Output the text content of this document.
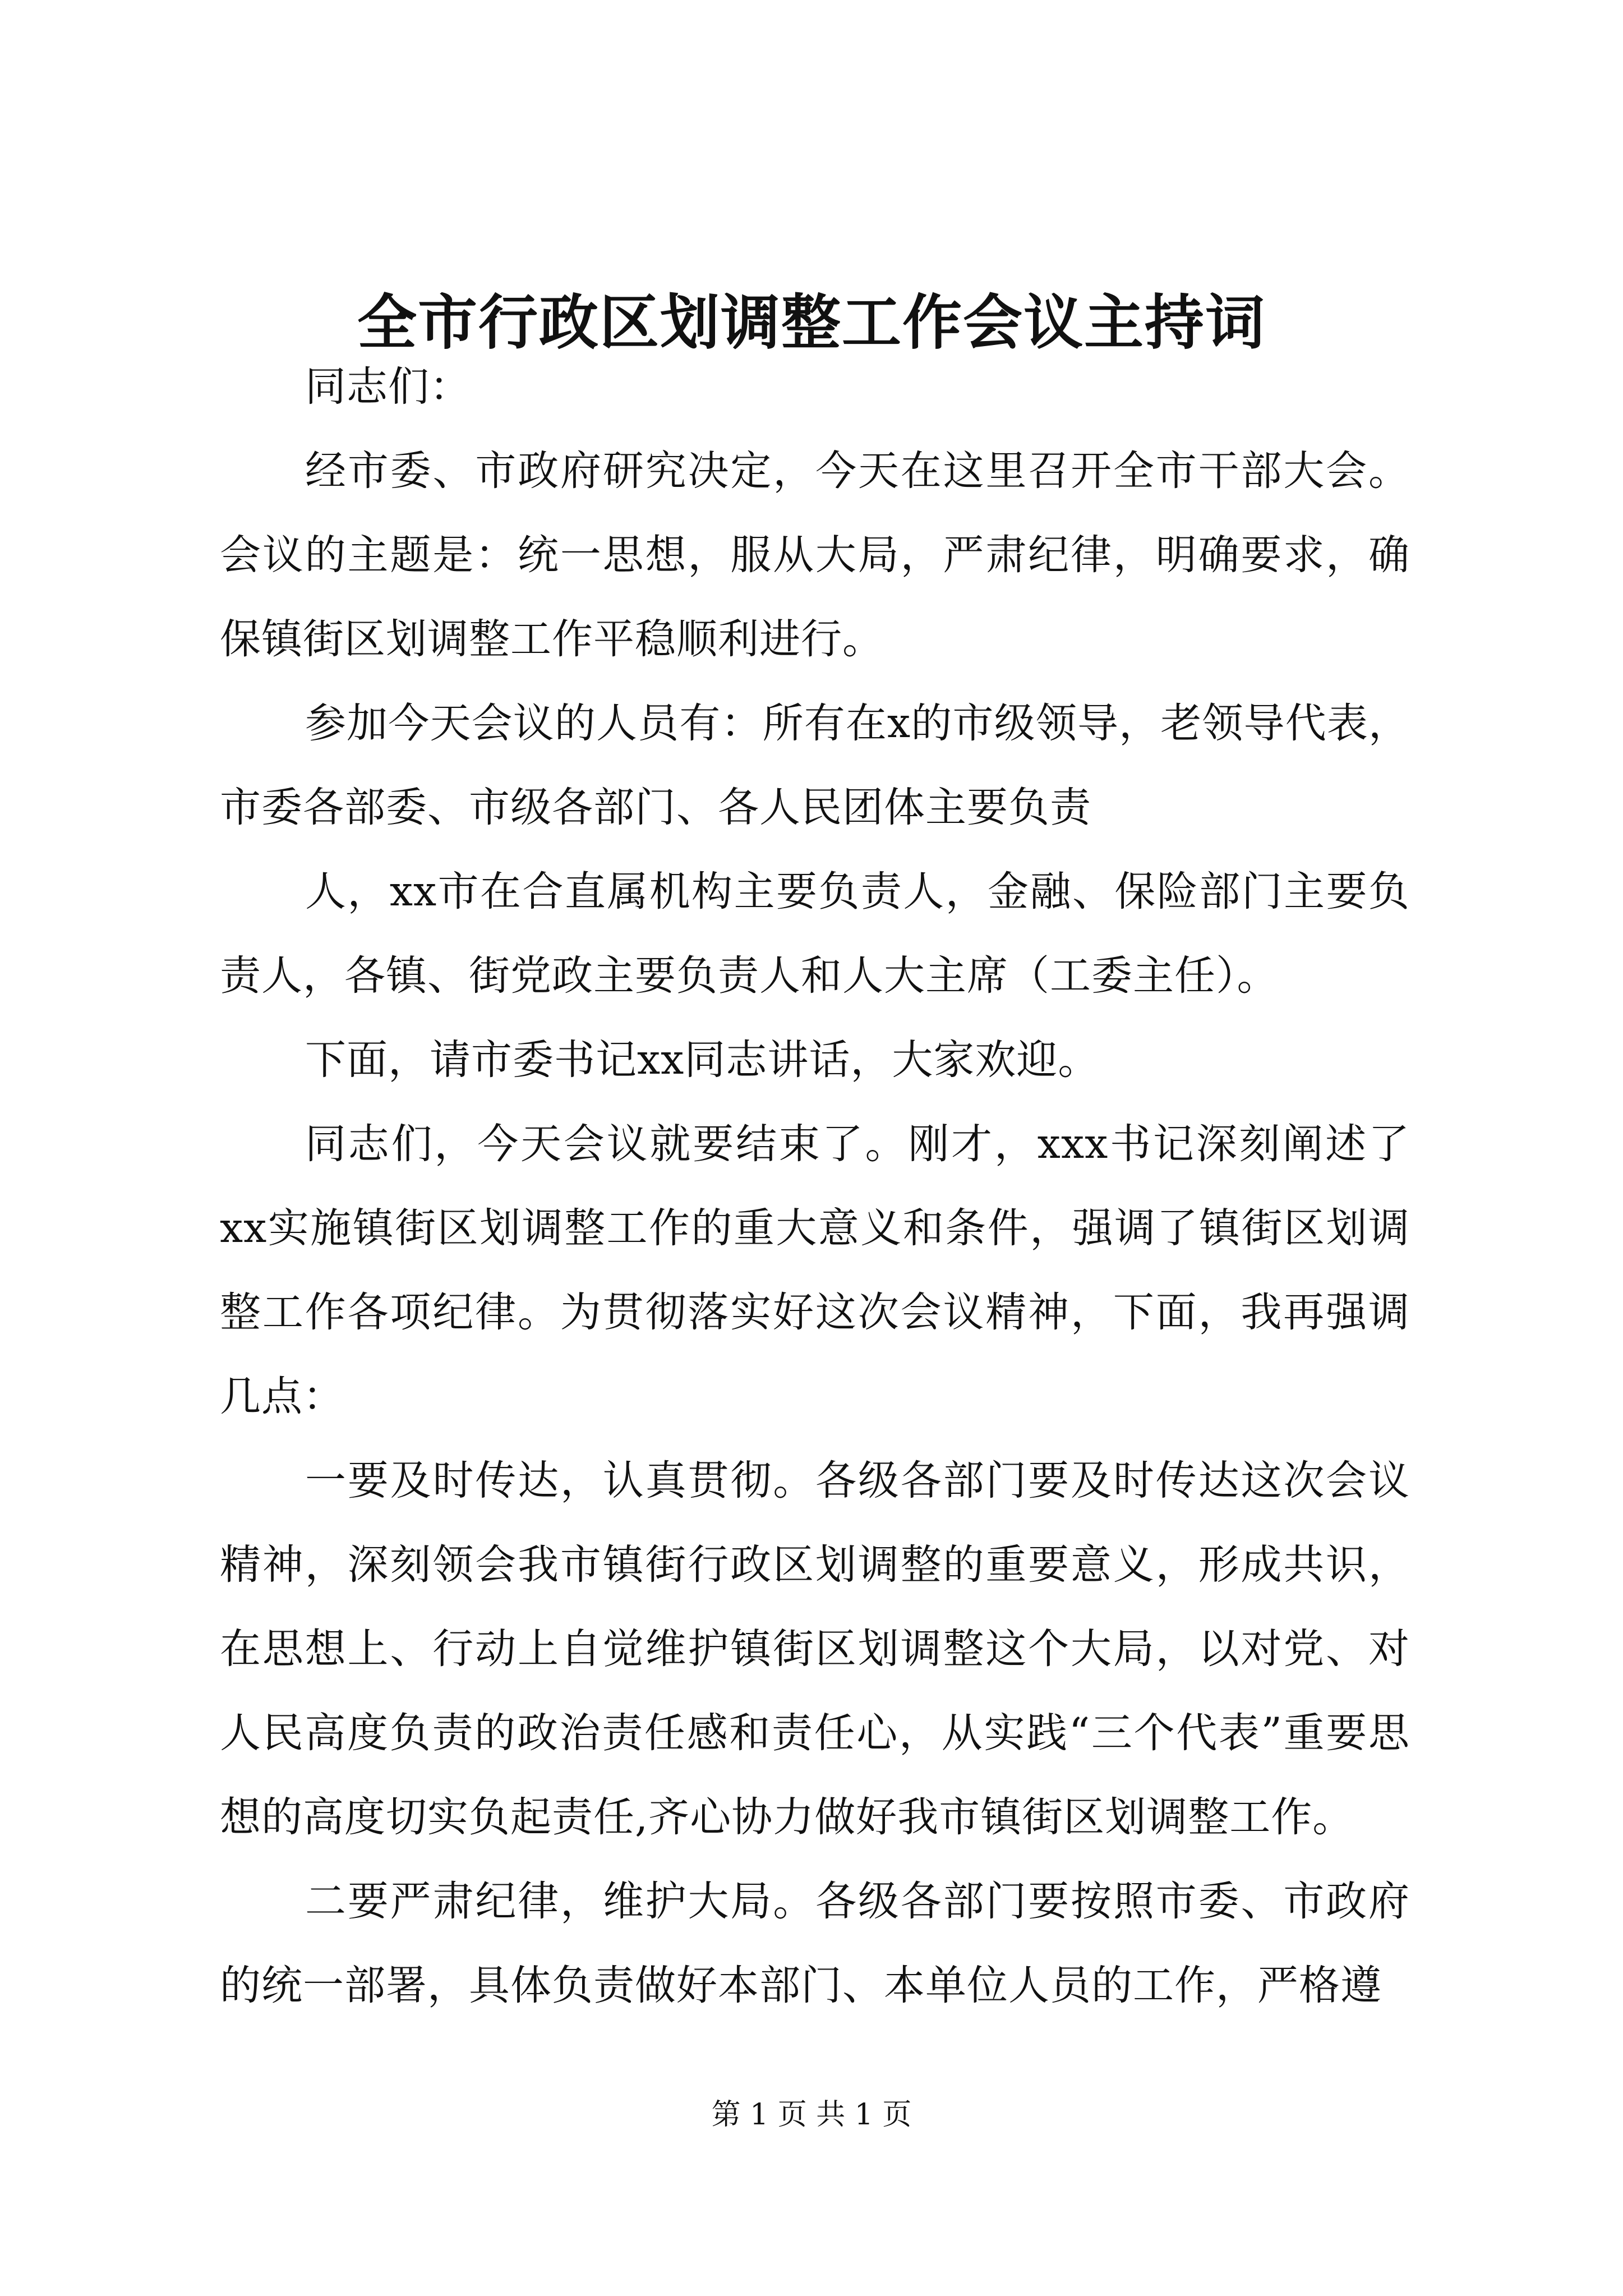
全市行政区划调整工作会议主持词

同志们：

经市委、市政府研究决定，今天在这里召开全市干部大会。会议的主题是：统一思想，服从大局，严肃纪律，明确要求，确保镇街区划调整工作平稳顺利进行。

参加今天会议的人员有：所有在x的市级领导，老领导代表，市委各部委、市级各部门、各人民团体主要负责

人，xx市在合直属机构主要负责人，金融、保险部门主要负责人，各镇、街党政主要负责人和人大主席（工委主任）。

下面，请市委书记xx同志讲话，大家欢迎。

同志们，今天会议就要结束了。刚才，xxx书记深刻阐述了xx实施镇街区划调整工作的重大意义和条件，强调了镇街区划调整工作各项纪律。为贯彻落实好这次会议精神，下面，我再强调几点：

一要及时传达，认真贯彻。各级各部门要及时传达这次会议精神，深刻领会我市镇街行政区划调整的重要意义，形成共识，在思想上、行动上自觉维护镇街区划调整这个大局，以对党、对人民高度负责的政治责任感和责任心，从实践“三个代表”重要思想的高度切实负起责任,齐心协力做好我市镇街区划调整工作。

二要严肃纪律，维护大局。各级各部门要按照市委、市政府的统一部署，具体负责做好本部门、本单位人员的工作，严格遵

第 1 页 共 1 页
